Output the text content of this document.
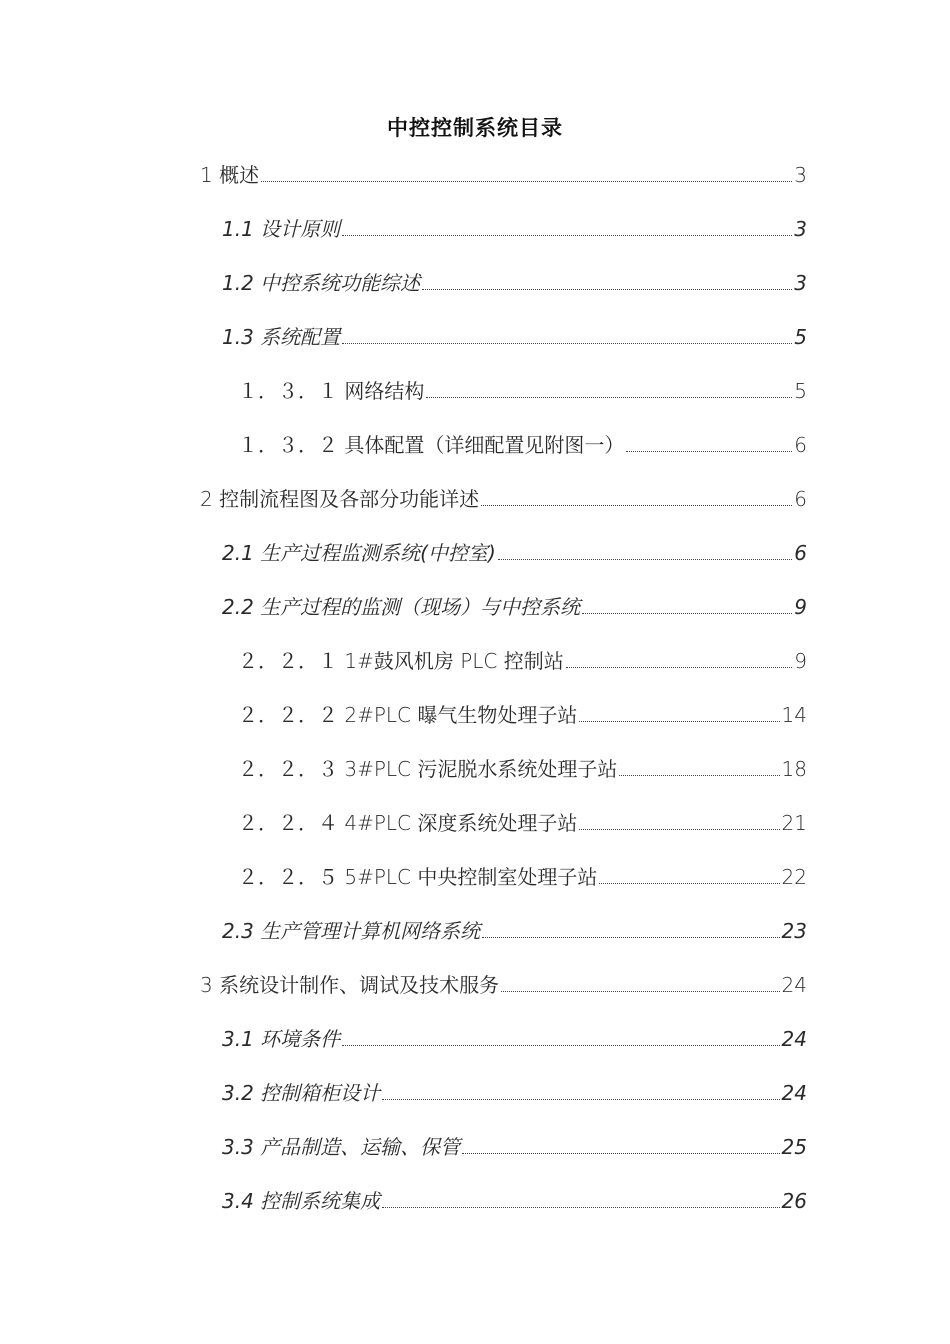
中控控制系统目录
1 概述	3
1.1 设计原则	3
1.2 中控系统功能综述	3
1.3 系统配置	5
１．３．１ 网络结构	5
１．３．２ 具体配置（详细配置见附图一）	6
2 控制流程图及各部分功能详述	6
2.1 生产过程监测系统(中控室)	6
2.2 生产过程的监测（现场）与中控系统	9
２．２．１ 1#鼓风机房 PLC 控制站	9
２．２．２ 2#PLC 曝气生物处理子站	14
２．２．３ 3#PLC 污泥脱水系统处理子站	18
２．２．４ 4#PLC 深度系统处理子站	21
２．２．５ 5#PLC 中央控制室处理子站	22
2.3 生产管理计算机网络系统	23
3 系统设计制作、调试及技术服务	24
3.1 环境条件	24
3.2 控制箱柜设计	24
3.3 产品制造、运输、保管	25
3.4 控制系统集成	26
